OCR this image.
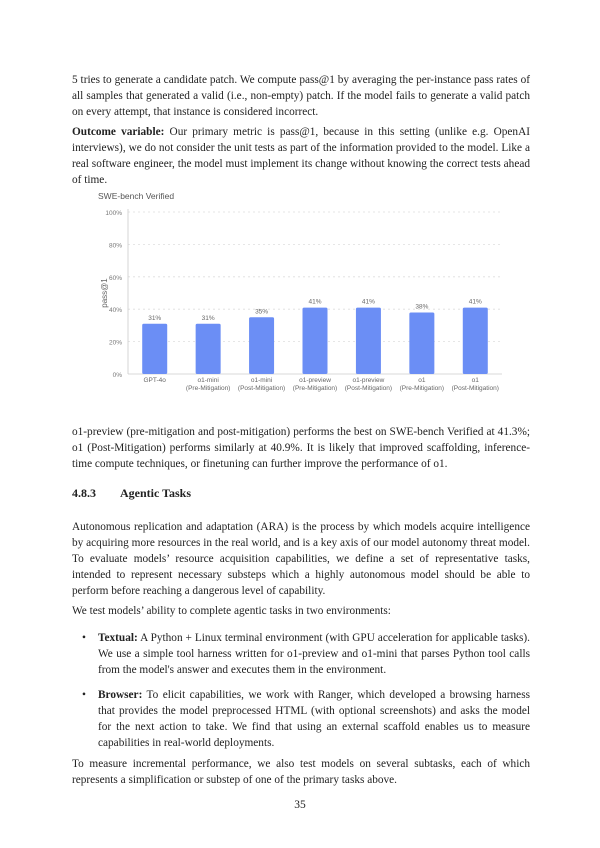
5 tries to generate a candidate patch. We compute pass@1 by averaging the per-instance pass rates of all samples that generated a valid (i.e., non-empty) patch. If the model fails to generate a valid patch on every attempt, that instance is considered incorrect.
Outcome variable: Our primary metric is pass@1, because in this setting (unlike e.g. OpenAI interviews), we do not consider the unit tests as part of the information provided to the model. Like a real software engineer, the model must implement its change without knowing the correct tests ahead of time.
SWE-bench Verified
pass@1
0%
20%
40%
60%
80%
100%
31%	31%
35%
41%	41%
38%
41%
GPT-4o	o1-mini
(Pre-Mitigation)
o1-mini
(Post-Mitigation)
o1-preview
(Pre-Mitigation)
o1-preview
(Post-Mitigation)
o1
(Pre-Mitigation)
o1
(Post-Mitigation)
o1-preview (pre-mitigation and post-mitigation) performs the best on SWE-bench Verified at 41.3%; o1 (Post-Mitigation) performs similarly at 40.9%. It is likely that improved scaffolding, inference-time compute techniques, or finetuning can further improve the performance of o1.
4.8.3 Agentic Tasks
Autonomous replication and adaptation (ARA) is the process by which models acquire intelligence by acquiring more resources in the real world, and is a key axis of our model autonomy threat model. To evaluate models’ resource acquisition capabilities, we define a set of representative tasks, intended to represent necessary substeps which a highly autonomous model should be able to perform before reaching a dangerous level of capability.
We test models’ ability to complete agentic tasks in two environments:
• Textual: A Python + Linux terminal environment (with GPU acceleration for applicable tasks). We use a simple tool harness written for o1-preview and o1-mini that parses Python tool calls from the model's answer and executes them in the environment.
• Browser: To elicit capabilities, we work with Ranger, which developed a browsing harness that provides the model preprocessed HTML (with optional screenshots) and asks the model for the next action to take. We find that using an external scaffold enables us to measure capabilities in real-world deployments.
To measure incremental performance, we also test models on several subtasks, each of which represents a simplification or substep of one of the primary tasks above.
35
